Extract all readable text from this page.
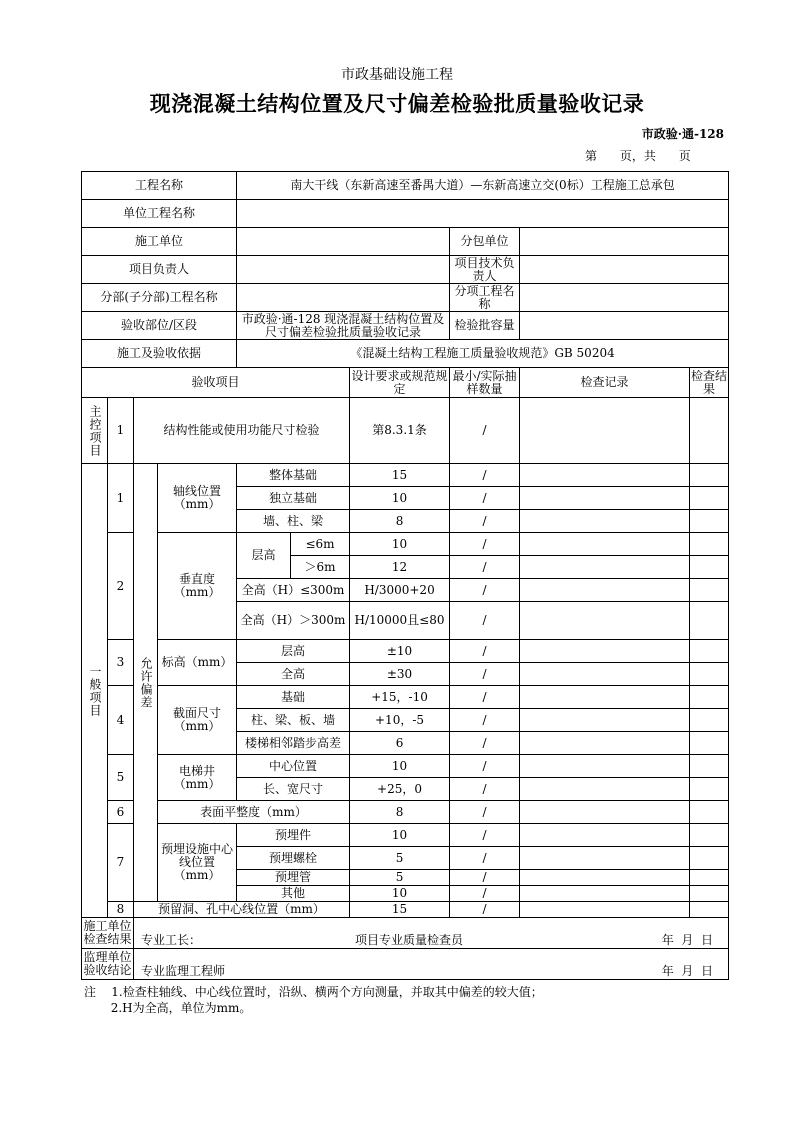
市政基础设施工程
现浇混凝土结构位置及尺寸偏差检验批质量验收记录
市政验·通-128
第      页，共      页
工程名称				南大干线（东新高速至番禺大道）—东新高速立交(0标）工程施工总承包					
单位工程名称									
施工单位							分包单位		
项目负责人							项目技术负责人		
分部(子分部)工程名称							分项工程名称		
验收部位/区段				市政验·通-128 现浇混凝土结构位置及尺寸偏差检验批质量验收记录			检验批容量		
施工及验收依据				《混凝土结构工程施工质量验收规范》GB 50204					
验收项目						设计要求或规范规定	最小/实际抽样数量	检查记录	检查结果
主控项目	1	结构性能或使用功能尺寸检验				第8.3.1条	/		
一般项目	1	允许偏差	轴线位置（mm）	整体基础		15	/		
				独立基础		10	/		
				墙、柱、梁		8	/		
	2		垂直度（mm）	层高	≤6m	10	/		
					＞6m	12	/		
				全高（H）≤300m		H/3000+20	/		
				全高（H）＞300m		H/10000且≤80	/		
	3		标高（mm）	层高		±10	/		
				全高		±30	/		
	4		截面尺寸（mm）	基础		+15，-10	/		
				柱、梁、板、墙		+10，-5	/		
				楼梯相邻踏步高差		6	/		
	5		电梯井（mm）	中心位置		10	/		
				长、宽尺寸		+25，0	/		
	6		表面平整度（mm）			8	/		
	7		预埋设施中心线位置（mm）	预埋件		10	/		
				预埋螺栓		5	/		
				预埋管		5	/		
				其他		10	/		
	8	预留洞、孔中心线位置（mm）				15	/		
施工单位检查结果		专业工长： 项目专业质量检查员 年  月  日							

监理单位验收结论		专业监理工程师 年  月  日							
注 1.检查柱轴线、中心线位置时，沿纵、横两个方向测量，并取其中偏差的较大值；
2.H为全高，单位为mm。
